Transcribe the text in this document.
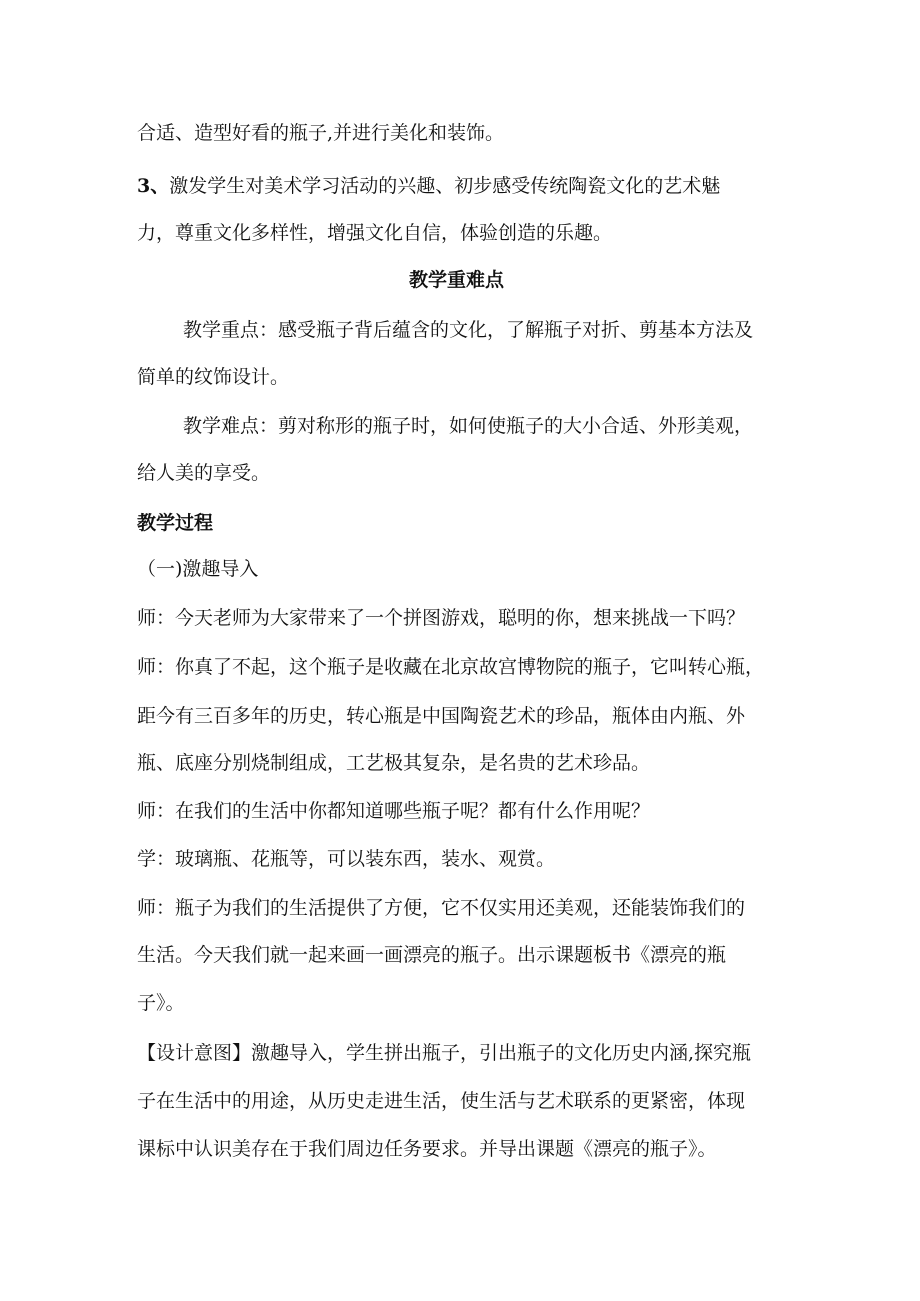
合适、造型好看的瓶子,并进行美化和装饰。
3、激发学生对美术学习活动的兴趣、初步感受传统陶瓷文化的艺术魅
力，尊重文化多样性，增强文化自信，体验创造的乐趣。
教学重难点
教学重点：感受瓶子背后蕴含的文化，了解瓶子对折、剪基本方法及
简单的纹饰设计。
教学难点：剪对称形的瓶子时，如何使瓶子的大小合适、外形美观，
给人美的享受。
教学过程
（一)激趣导入
师：今天老师为大家带来了一个拼图游戏，聪明的你，想来挑战一下吗？
师：你真了不起，这个瓶子是收藏在北京故宫博物院的瓶子，它叫转心瓶，
距今有三百多年的历史，转心瓶是中国陶瓷艺术的珍品，瓶体由内瓶、外
瓶、底座分别烧制组成，工艺极其复杂，是名贵的艺术珍品。
师：在我们的生活中你都知道哪些瓶子呢？都有什么作用呢？
学：玻璃瓶、花瓶等，可以装东西，装水、观赏。
师：瓶子为我们的生活提供了方便，它不仅实用还美观，还能装饰我们的
生活。今天我们就一起来画一画漂亮的瓶子。出示课题板书《漂亮的瓶
子》。
【设计意图】激趣导入，学生拼出瓶子，引出瓶子的文化历史内涵,探究瓶
子在生活中的用途，从历史走进生活，使生活与艺术联系的更紧密，体现
课标中认识美存在于我们周边任务要求。并导出课题《漂亮的瓶子》。
